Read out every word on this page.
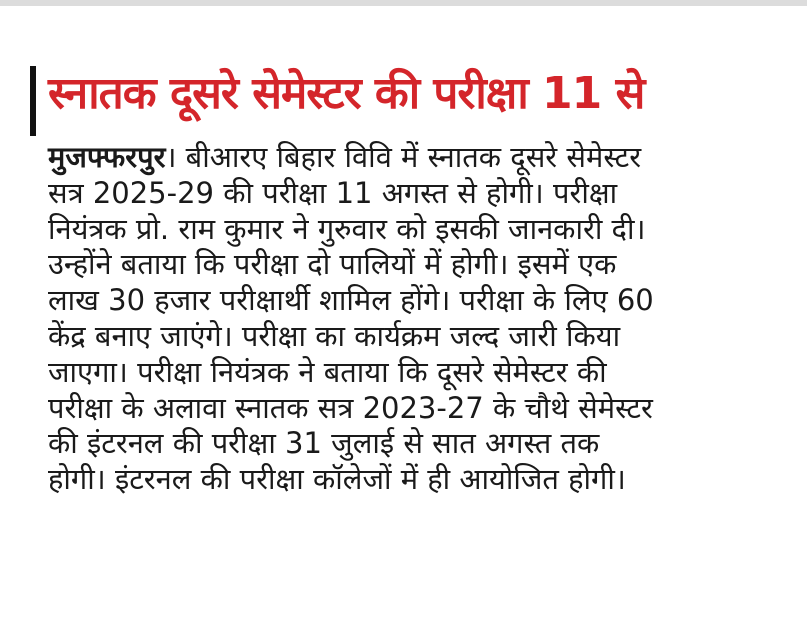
स्नातक दूसरे सेमेस्टर की परीक्षा 11 से
मुजफ्फरपुर। बीआरए बिहार विवि में स्नातक दूसरे सेमेस्टर
सत्र 2025-29 की परीक्षा 11 अगस्त से होगी। परीक्षा
नियंत्रक प्रो. राम कुमार ने गुरुवार को इसकी जानकारी दी।
उन्होंने बताया कि परीक्षा दो पालियों में होगी। इसमें एक
लाख 30 हजार परीक्षार्थी शामिल होंगे। परीक्षा के लिए 60
केंद्र बनाए जाएंगे। परीक्षा का कार्यक्रम जल्द जारी किया
जाएगा। परीक्षा नियंत्रक ने बताया कि दूसरे सेमेस्टर की
परीक्षा के अलावा स्नातक सत्र 2023-27 के चौथे सेमेस्टर
की इंटरनल की परीक्षा 31 जुलाई से सात अगस्त तक
होगी। इंटरनल की परीक्षा कॉलेजों में ही आयोजित होगी।
